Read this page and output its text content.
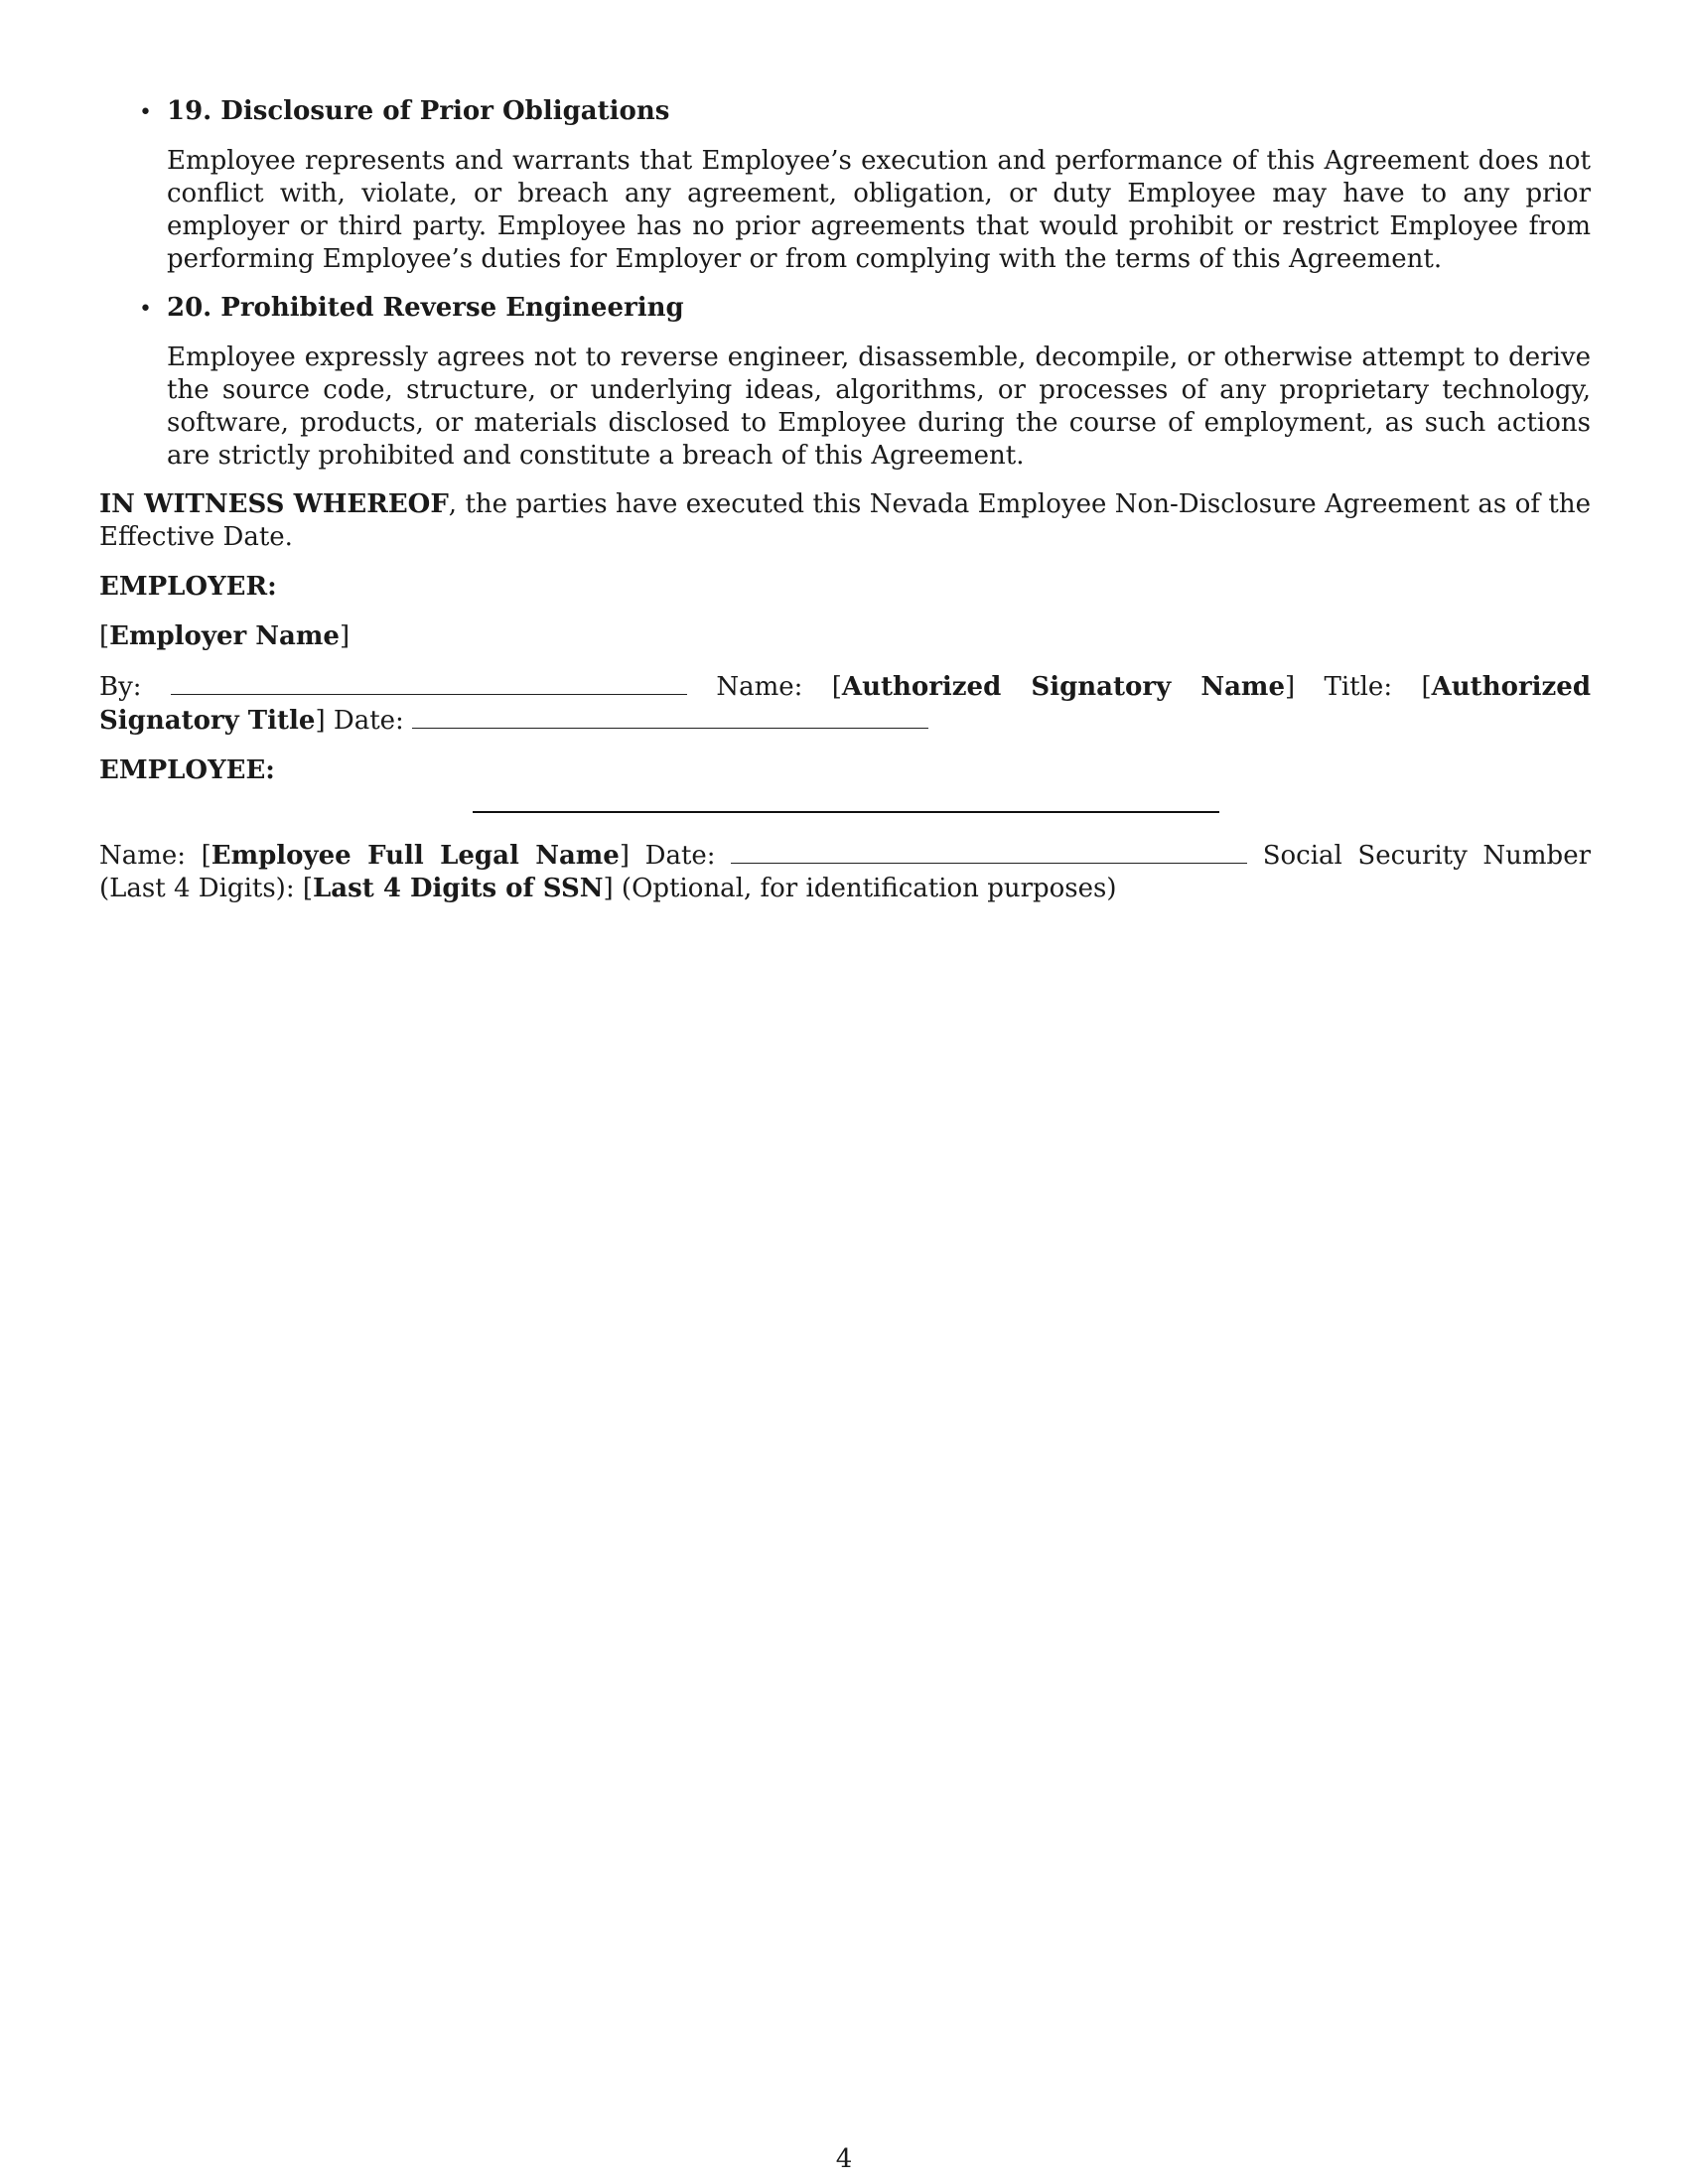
• 19. Disclosure of Prior Obligations

Employee represents and warrants that Employee’s execution and performance of this Agreement does not conflict with, violate, or breach any agreement, obligation, or duty Employee may have to any prior employer or third party. Employee has no prior agreements that would prohibit or restrict Employee from performing Employee’s duties for Employer or from complying with the terms of this Agreement.

• 20. Prohibited Reverse Engineering

Employee expressly agrees not to reverse engineer, disassemble, decompile, or otherwise attempt to derive the source code, structure, or underlying ideas, algorithms, or processes of any proprietary technology, software, products, or materials disclosed to Employee during the course of employment, as such actions are strictly prohibited and constitute a breach of this Agreement.

IN WITNESS WHEREOF, the parties have executed this Nevada Employee Non-Disclosure Agreement as of the Effective Date.

EMPLOYER:

[Employer Name]

By:	Name: [Authorized Signatory Name] Title: [Authorized Signatory Title] Date:

EMPLOYEE:

Name: [Employee Full Legal Name] Date:	Social Security Number (Last 4 Digits): [Last 4 Digits of SSN] (Optional, for identification purposes)

4
